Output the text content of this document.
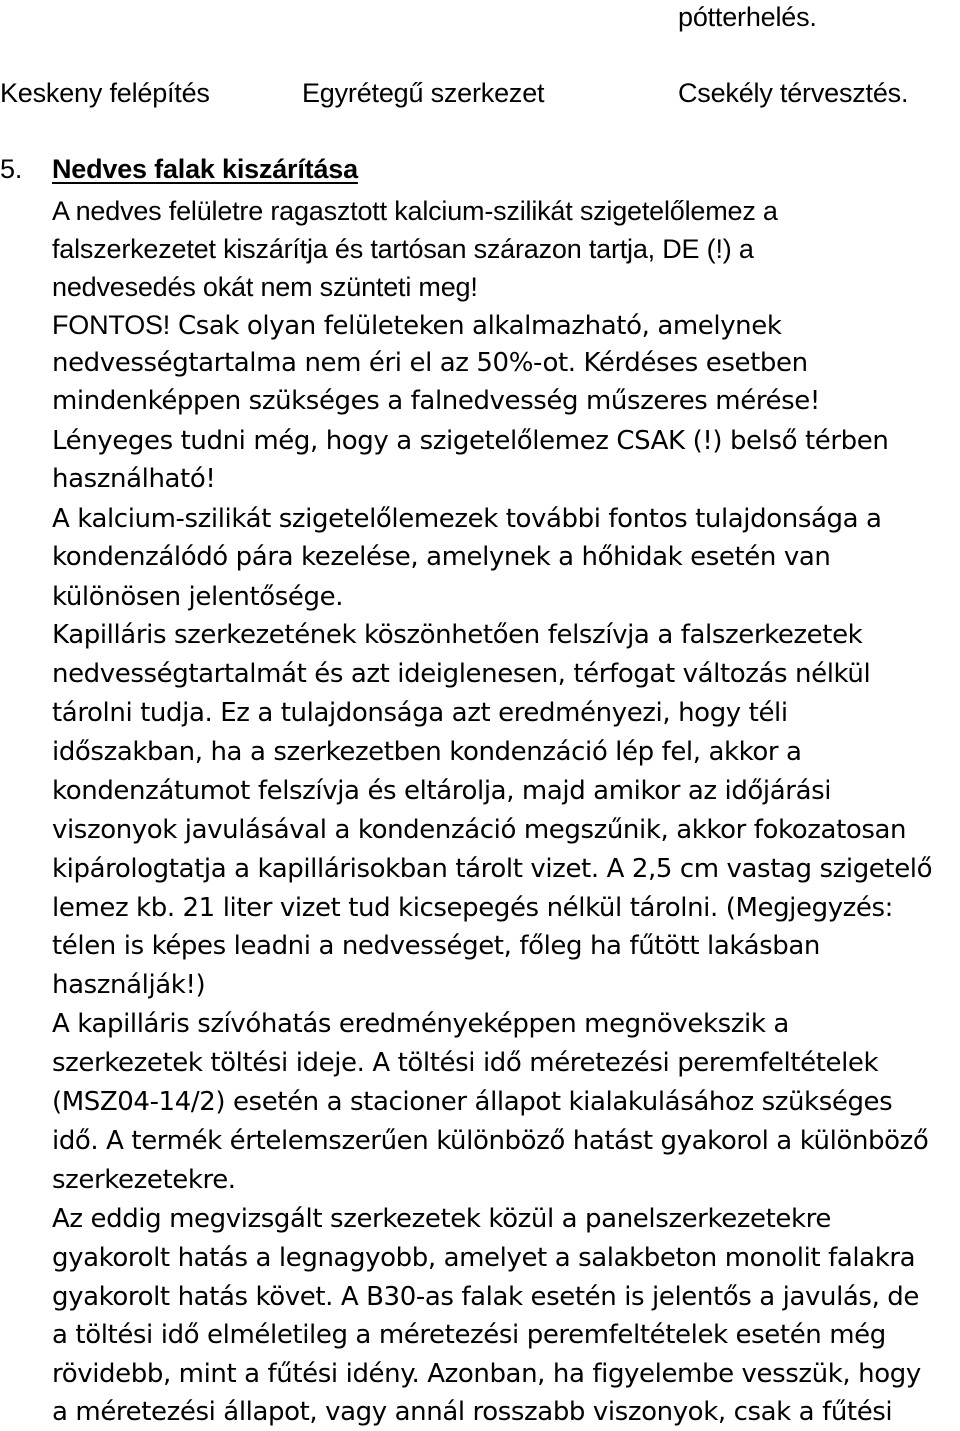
pótterhelés.
Keskeny felépítés	Egyrétegű szerkezet	Csekély térvesztés.
5. Nedves falak kiszárítása
A nedves felületre ragasztott kalcium-szilikát szigetelőlemez a
falszerkezetet kiszárítja és tartósan szárazon tartja, DE (!) a
nedvesedés okát nem szünteti meg!
FONTOS! Csak olyan felületeken alkalmazható, amelynek
nedvességtartalma nem éri el az 50%-ot. Kérdéses esetben
mindenképpen szükséges a falnedvesség műszeres mérése!
Lényeges tudni még, hogy a szigetelőlemez CSAK (!) belső térben
használható!
A kalcium-szilikát szigetelőlemezek további fontos tulajdonsága a
kondenzálódó pára kezelése, amelynek a hőhidak esetén van
különösen jelentősége.
Kapilláris szerkezetének köszönhetően felszívja a falszerkezetek
nedvességtartalmát és azt ideiglenesen, térfogat változás nélkül
tárolni tudja. Ez a tulajdonsága azt eredményezi, hogy téli
időszakban, ha a szerkezetben kondenzáció lép fel, akkor a
kondenzátumot felszívja és eltárolja, majd amikor az időjárási
viszonyok javulásával a kondenzáció megszűnik, akkor fokozatosan
kipárologtatja a kapillárisokban tárolt vizet. A 2,5 cm vastag szigetelő
lemez kb. 21 liter vizet tud kicsepegés nélkül tárolni. (Megjegyzés:
télen is képes leadni a nedvességet, főleg ha fűtött lakásban
használják!)
A kapilláris szívóhatás eredményeképpen megnövekszik a
szerkezetek töltési ideje. A töltési idő méretezési peremfeltételek
(MSZ04-14/2) esetén a stacioner állapot kialakulásához szükséges
idő. A termék értelemszerűen különböző hatást gyakorol a különböző
szerkezetekre.
Az eddig megvizsgált szerkezetek közül a panelszerkezetekre
gyakorolt hatás a legnagyobb, amelyet a salakbeton monolit falakra
gyakorolt hatás követ. A B30-as falak esetén is jelentős a javulás, de
a töltési idő elméletileg a méretezési peremfeltételek esetén még
rövidebb, mint a fűtési idény. Azonban, ha figyelembe vesszük, hogy
a méretezési állapot, vagy annál rosszabb viszonyok, csak a fűtési
